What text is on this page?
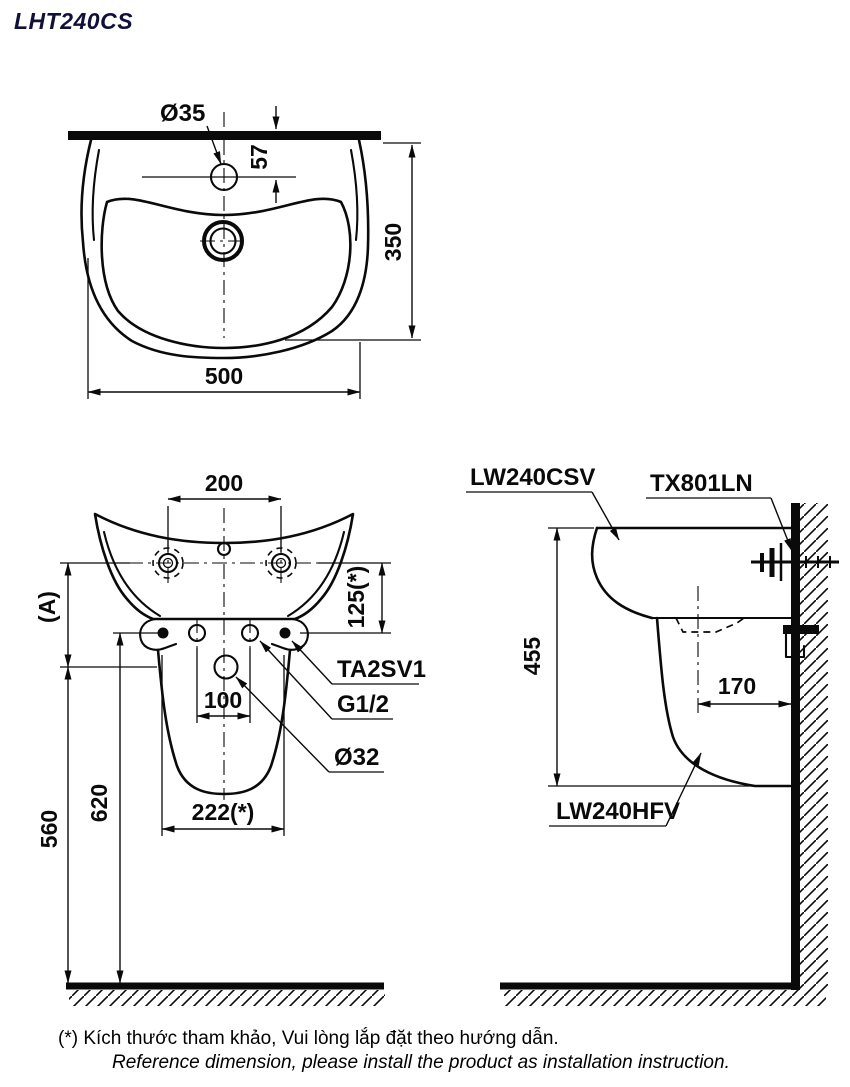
LHT240CS
Ø35
57
350
500
200
100
222(*)
(A)
560
620
125(*)
TA2SV1
G1/2
Ø32
455
170
LW240CSV TX801LN
LW240HFV
(*) Kích thước tham khảo, Vui lòng lắp đặt theo hướng dẫn.
Reference dimension, please install the product as installation instruction.
